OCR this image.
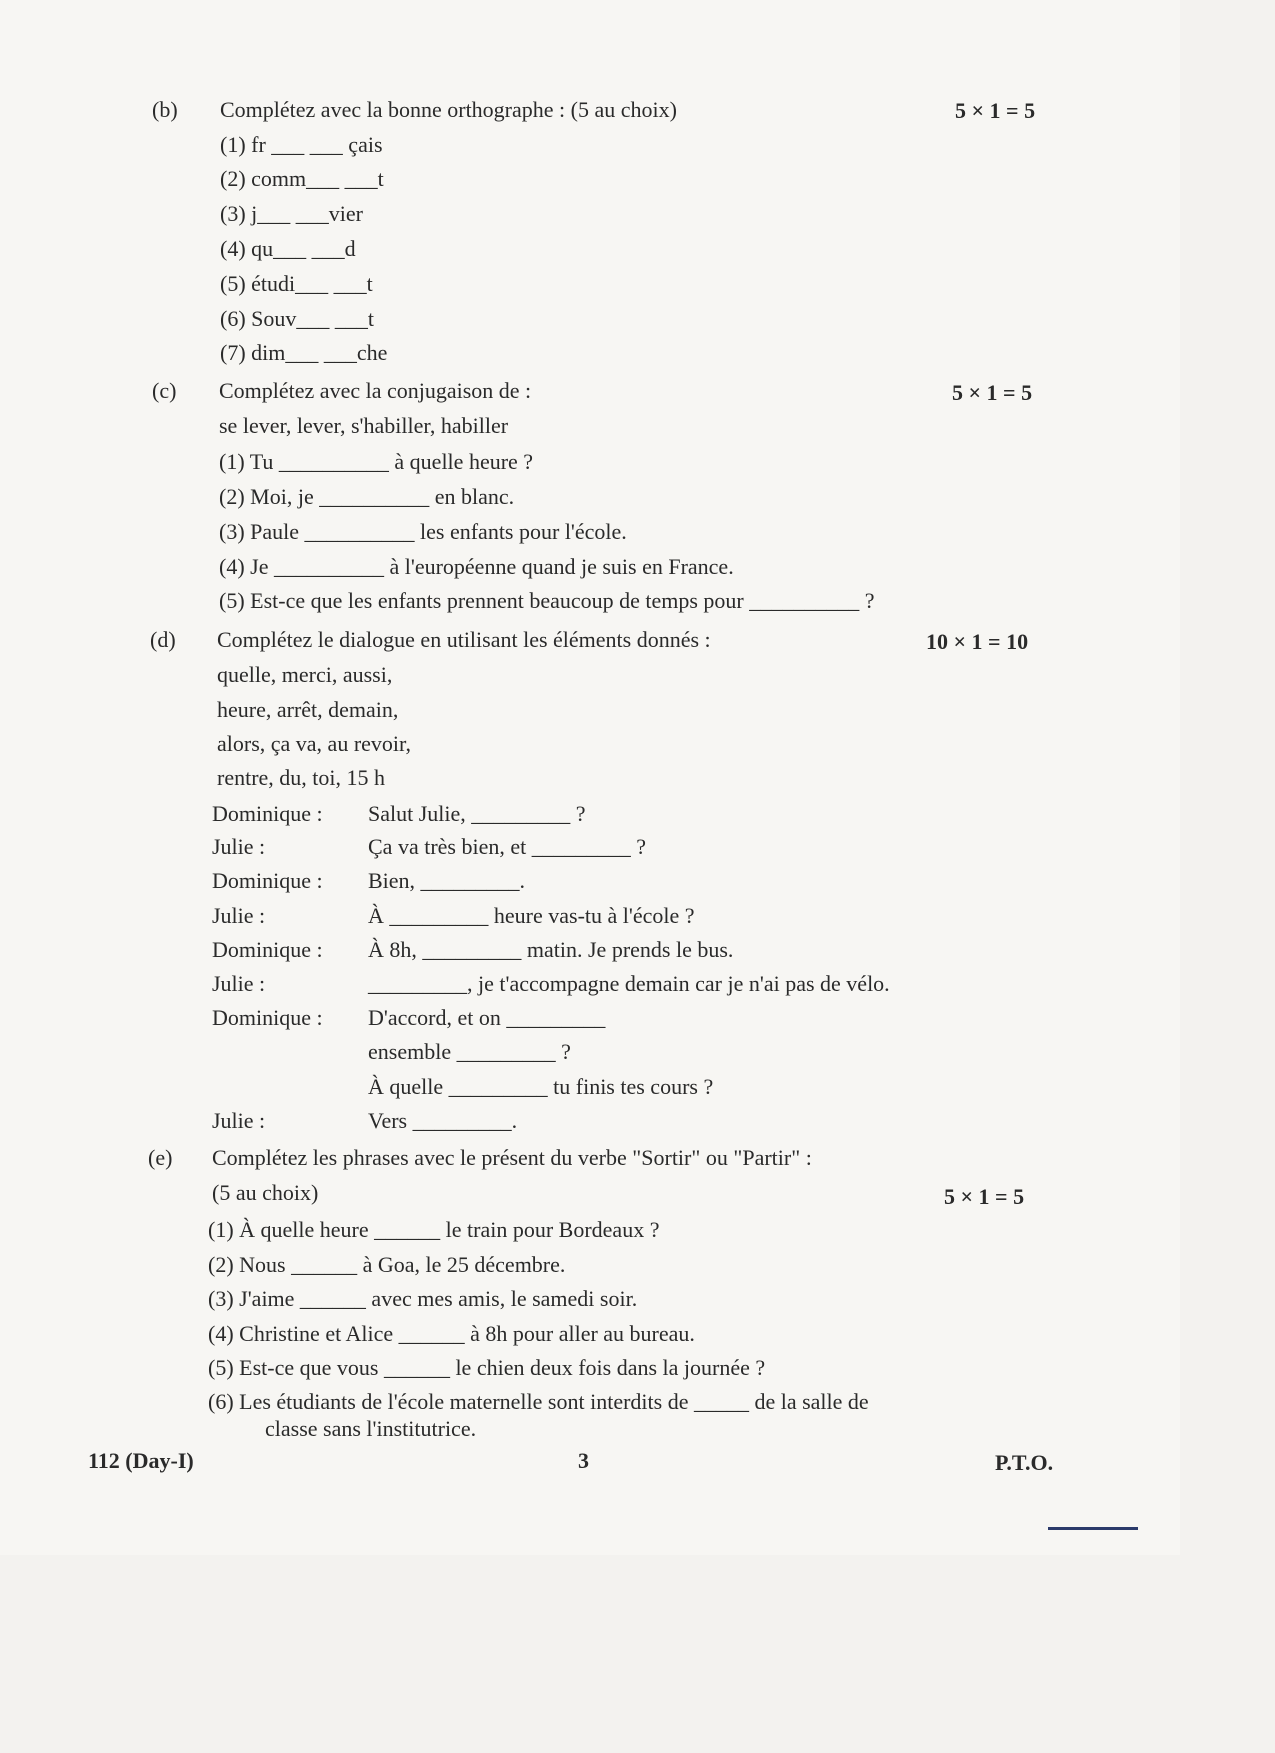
(b) Complétez avec la bonne orthographe : (5 au choix)	5 × 1 = 5
(1) fr ___ ___ çais
(2) comm___ ___t
(3) j___ ___vier
(4) qu___ ___d
(5) étudi___ ___t
(6) Souv___ ___t
(7) dim___ ___che
(c) Complétez avec la conjugaison de :	5 × 1 = 5
se lever, lever, s'habiller, habiller
(1) Tu __________ à quelle heure ?
(2) Moi, je __________ en blanc.
(3) Paule __________ les enfants pour l'école.
(4) Je __________ à l'européenne quand je suis en France.
(5) Est-ce que les enfants prennent beaucoup de temps pour __________ ?
(d) Complétez le dialogue en utilisant les éléments donnés :	10 × 1 = 10
quelle, merci, aussi,
heure, arrêt, demain,
alors, ça va, au revoir,
rentre, du, toi, 15 h
Dominique :	Salut Julie, _________ ?
Julie :	Ça va très bien, et _________ ?
Dominique :	Bien, _________.
Julie :	À _________ heure vas-tu à l'école ?
Dominique :	À 8h, _________ matin. Je prends le bus.
Julie :	_________, je t'accompagne demain car je n'ai pas de vélo.
Dominique :	D'accord, et on _________
ensemble _________ ?
À quelle _________ tu finis tes cours ?
Julie :	Vers _________.
(e) Complétez les phrases avec le présent du verbe "Sortir" ou "Partir" :
(5 au choix)	5 × 1 = 5
(1) À quelle heure ______ le train pour Bordeaux ?
(2) Nous ______ à Goa, le 25 décembre.
(3) J'aime ______ avec mes amis, le samedi soir.
(4) Christine et Alice ______ à 8h pour aller au bureau.
(5) Est-ce que vous ______ le chien deux fois dans la journée ?
(6) Les étudiants de l'école maternelle sont interdits de _____ de la salle de
classe sans l'institutrice.
112 (Day-I)	3	P.T.O.
